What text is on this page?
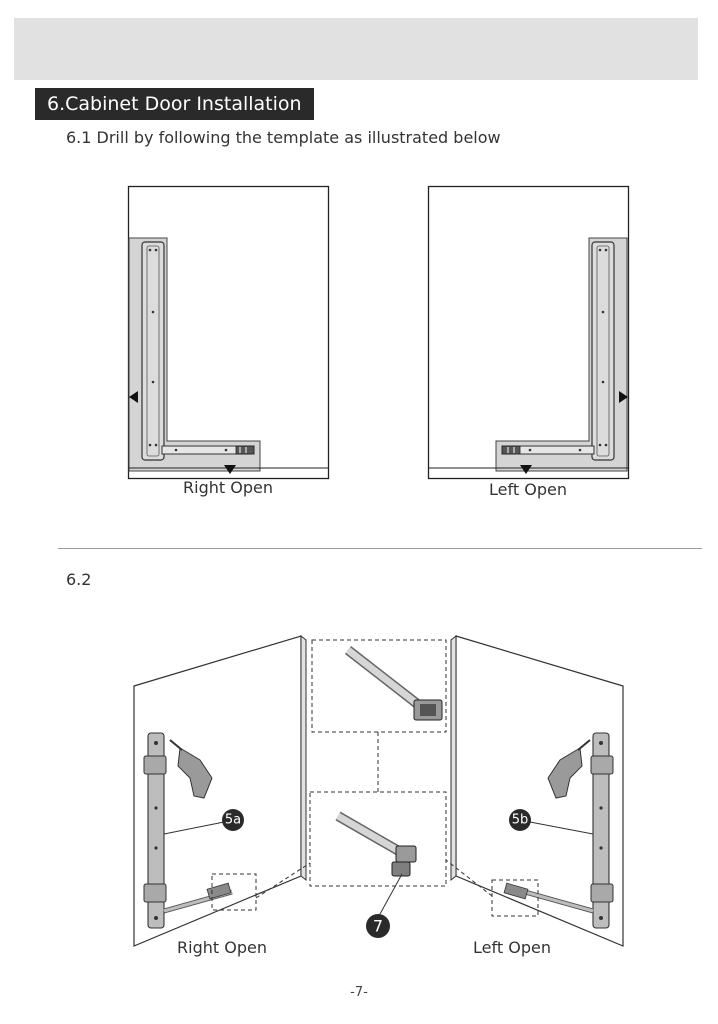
6.Cabinet Door Installation
6.1 Drill by following the template as illustrated below
Right Open	Left Open
6.2
5a	5b
7
Right Open	Left Open
-7-
